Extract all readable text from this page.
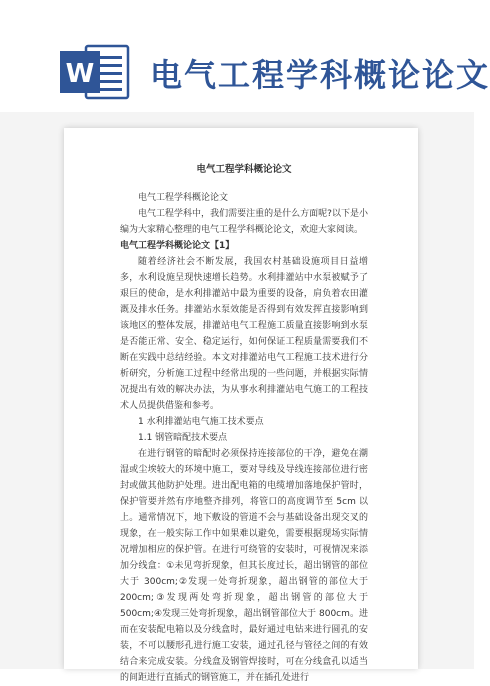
W 电气工程学科概论论文
电气工程学科概论论文

电气工程学科概论论文

电气工程学科中，我们需要注重的是什么方面呢?以下是小编为大家精心整理的电气工程学科概论论文，欢迎大家阅读。

电气工程学科概论论文【1】

随着经济社会不断发展，我国农村基础设施项目日益增多，水利设施呈现快速增长趋势。水利排灌站中水泵被赋予了艰巨的使命，是水利排灌站中最为重要的设备，肩负着农田灌溉及排水任务。排灌站水泵效能是否得到有效发挥直接影响到该地区的整体发展，排灌站电气工程施工质量直接影响到水泵是否能正常、安全、稳定运行，如何保证工程质量需要我们不断在实践中总结经验。本文对排灌站电气工程施工技术进行分析研究，分析施工过程中经常出现的一些问题，并根据实际情况提出有效的解决办法，为从事水利排灌站电气施工的工程技术人员提供借鉴和参考。

1 水利排灌站电气施工技术要点

1.1 钢管暗配技术要点

在进行钢管的暗配时必须保持连接部位的干净，避免在潮湿或尘埃较大的环境中施工，要对导线及导线连接部位进行密封或做其他防护处理。进出配电箱的电缆增加落地保护管时，保护管要并然有序地整齐排列，将管口的高度调节至 5cm 以上。通常情况下，地下敷设的管道不会与基础设备出现交叉的现象，在一般实际工作中如果难以避免，需要根据现场实际情况增加相应的保护管。在进行可绕管的安装时，可视情况来添加分线盒：①未见弯折现象，但其长度过长，超出钢管的部位大于 300cm;②发现一处弯折现象，超出钢管的部位大于 200cm;③发现两处弯折现象，超出钢管的部位大于 500cm;④发现三处弯折现象，超出钢管部位大于 800cm。进而在安装配电箱以及分线盒时，最好通过电钻来进行圆孔的安装，不可以腰形孔进行施工安装，通过孔径与管径之间的有效结合来完成安装。分线盒及钢管焊接时，可在分线盒孔以适当的间距进行直插式的钢管施工，并在插孔处进行
